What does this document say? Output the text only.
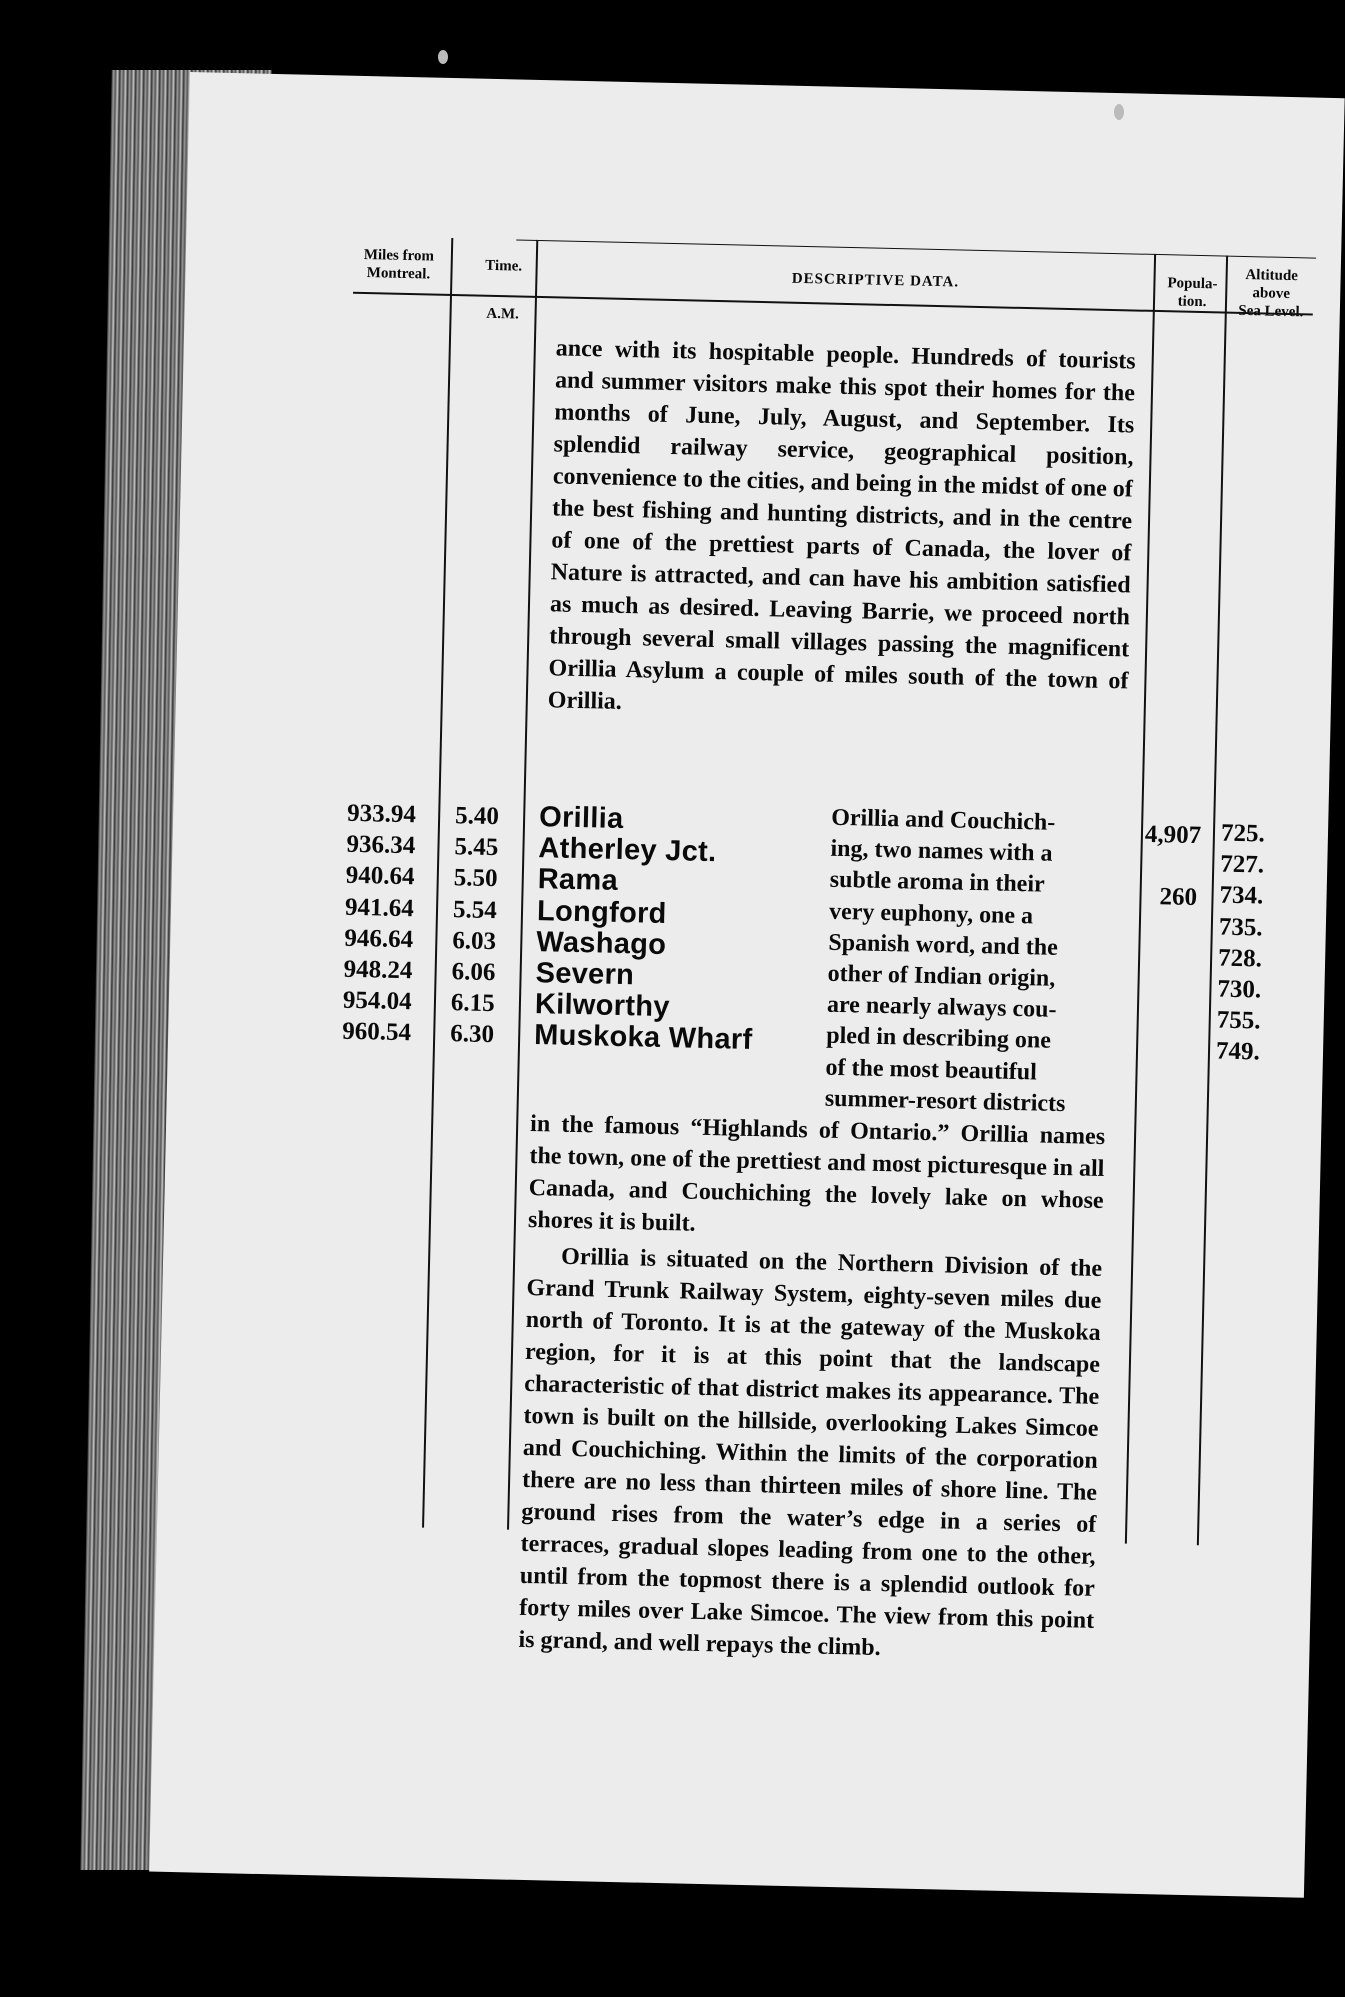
Miles from
Montreal.	Time.
DESCRIPTIVE DATA.	Popula-
tion.
Altitude
above
Sea Level.
A.M.
ance with its hospitable people. Hundreds of tourists and summer visitors make this spot their homes for the months of June, July, August, and September. Its splendid railway service, geographical position, convenience to the cities, and being in the midst of one of the best fishing and hunting districts, and in the centre of one of the prettiest parts of Canada, the lover of Nature is attracted, and can have his ambition satisfied as much as desired. Leaving Barrie, we proceed north through several small villages passing the magnificent Orillia Asylum a couple of miles south of the town of Orillia.
933.94
936.34
940.64
941.64
946.64
948.24
954.04
960.54
5.40
5.45
5.50
5.54
6.03
6.06
6.15
6.30
Orillia
Atherley Jct.
Rama
Longford
Washago
Severn
Kilworthy
Muskoka Wharf
Orillia and Couchich-
ing, two names with a
subtle aroma in their
very euphony, one a
Spanish word, and the
other of Indian origin,
are nearly always cou-
pled in describing one
of the most beautiful
summer-resort districts
4,907
260
725.
727.
734.
735.
728.
730.
755.
749.
in the famous “Highlands of Ontario.” Orillia names the town, one of the prettiest and most picturesque in all Canada, and Couchiching the lovely lake on whose shores it is built.
Orillia is situated on the Northern Division of the Grand Trunk Railway System, eighty-seven miles due north of Toronto. It is at the gateway of the Muskoka region, for it is at this point that the landscape characteristic of that district makes its appearance. The town is built on the hillside, overlooking Lakes Simcoe and Couchiching. Within the limits of the corporation there are no less than thirteen miles of shore line. The ground rises from the water’s edge in a series of terraces, gradual slopes leading from one to the other, until from the topmost there is a splendid outlook for forty miles over Lake Simcoe. The view from this point is grand, and well repays the climb.
